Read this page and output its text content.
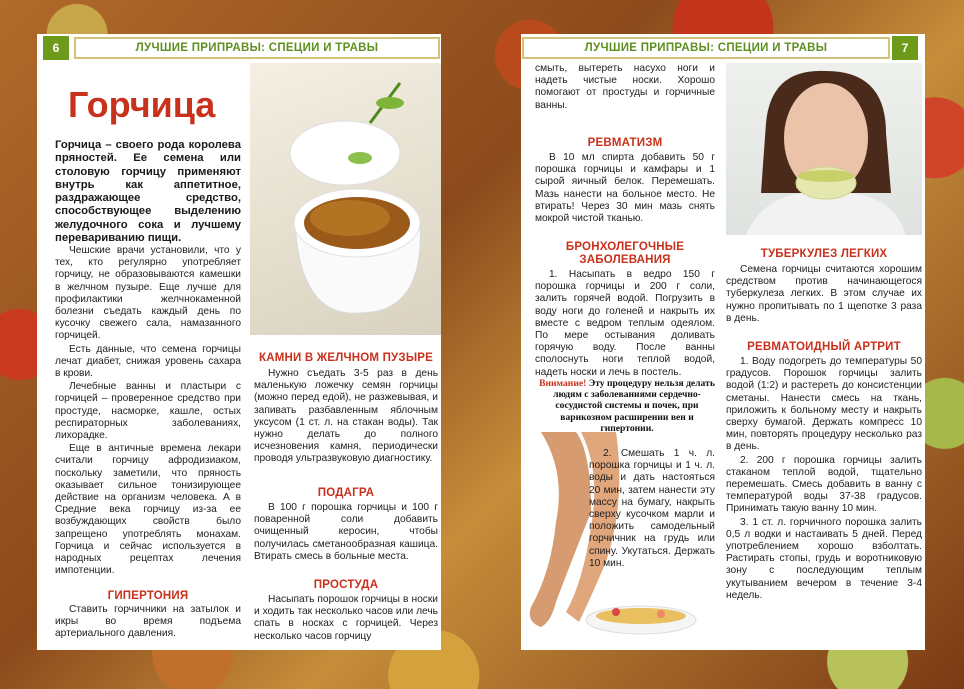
6	ЛУЧШИЕ ПРИПРАВЫ: СПЕЦИИ И ТРАВЫ
Горчица
Горчица – своего рода королева пряностей. Ее семена или столовую горчицу применяют внутрь как аппетитное, раздражающее средство, способствующее выделению желудочного сока и лучшему перевариванию пищи.

Чешские врачи установили, что у тех, кто регулярно употребляет горчицу, не образовываются камешки в желчном пузыре. Еще лучше для профилактики желчнокаменной болезни съедать каждый день по кусочку свежего сала, намазанного горчицей.

Есть данные, что семена горчицы лечат диабет, снижая уровень сахара в крови.

Лечебные ванны и пластыри с горчицей – проверенное средство при простуде, насморке, кашле, остых респираторных заболеваниях, лихорадке.

Еще в античные времена лекари считали горчицу афродизиаком, поскольку заметили, что пряность оказывает сильное тонизирующее действие на организм человека. А в Средние века горчицу из-за ее возбуждающих свойств было запрещено употреблять монахам. Горчица и сейчас используется в народных рецептах лечения импотенции.

ГИПЕРТОНИЯ

Ставить горчичники на затылок и икры во время подъема артериального давления.

КАМНИ В ЖЕЛЧНОМ ПУЗЫРЕ

Нужно съедать 3-5 раз в день маленькую ложечку семян горчицы (можно перед едой), не разжевывая, и запивать разбавленным яблочным уксусом (1 ст. л. на стакан воды). Так нужно делать до полного исчезновения камня, периодически проводя ультразвуковую диагностику.

ПОДАГРА

В 100 г порошка горчицы и 100 г поваренной соли добавить очищенный керосин, чтобы получилась сметанообразная кашица. Втирать смесь в больные места.

ПРОСТУДА

Насыпать порошок горчицы в носки и ходить так несколько часов или лечь спать в носках с горчицей. Через несколько часов горчицу

ЛУЧШИЕ ПРИПРАВЫ: СПЕЦИИ И ТРАВЫ	7

смыть, вытереть насухо ноги и надеть чистые носки. Хорошо помогают от простуды и горчичные ванны.

РЕВМАТИЗМ

В 10 мл спирта добавить 50 г порошка горчицы и камфары и 1 сырой яичный белок. Перемешать. Мазь нанести на больное место. Не втирать! Через 30 мин мазь снять мокрой чистой тканью.

БРОНХОЛЕГОЧНЫЕ ЗАБОЛЕВАНИЯ

1. Насыпать в ведро 150 г порошка горчицы и 200 г соли, залить горячей водой. Погрузить в воду ноги до голеней и накрыть их вместе с ведром теплым одеялом. По мере остывания доливать горячую воду. После ванны сполоснуть ноги теплой водой, надеть носки и лечь в постель.

Внимание! Эту процедуру нельзя делать людям с заболеваниями сердечно-сосудистой системы и почек, при варикозном расширении вен и гипертонии.

2. Смешать 1 ч. л. порошка горчицы и 1 ч. л. воды и дать настояться 20 мин, затем нанести эту массу на бумагу, накрыть сверху кусочком марли и положить самодельный горчичник на грудь или спину. Укутаться. Держать 10 мин.

ТУБЕРКУЛЕЗ ЛЕГКИХ

Семена горчицы считаются хорошим средством против начинающегося туберкулеза легких. В этом случае их нужно пропитывать по 1 щепотке 3 раза в день.

РЕВМАТОИДНЫЙ АРТРИТ

1. Воду подогреть до температуры 50 градусов. Порошок горчицы залить водой (1:2) и растереть до консистенции сметаны. Нанести смесь на ткань, приложить к больному месту и накрыть сверху бумагой. Держать компресс 10 мин, повторять процедуру несколько раз в день.

2. 200 г порошка горчицы залить стаканом теплой водой, тщательно перемешать. Смесь добавить в ванну с температурой воды 37-38 градусов. Принимать такую ванну 10 мин.

3. 1 ст. л. горчичного порошка залить 0,5 л водки и настаивать 5 дней. Перед употреблением хорошо взболтать. Растирать стопы, грудь и воротниковую зону с последующим теплым укутыванием вечером в течение 3-4 недель.
